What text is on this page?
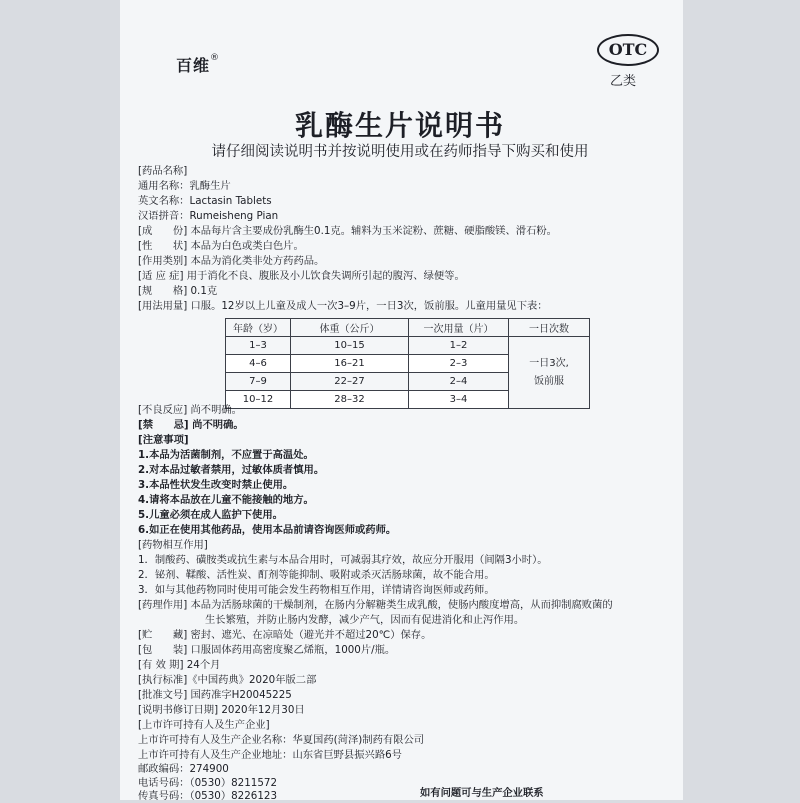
百维®	OTC
乙类
乳酶生片说明书
请仔细阅读说明书并按说明使用或在药师指导下购买和使用
[药品名称]
通用名称：乳酶生片
英文名称：Lactasin Tablets
汉语拼音：Rumeisheng Pian
[成　　份] 本品每片含主要成份乳酶生0.1克。辅料为玉米淀粉、蔗糖、硬脂酸镁、滑石粉。
[性　　状] 本品为白色或类白色片。
[作用类别] 本品为消化类非处方药药品。
[适 应 症] 用于消化不良、腹胀及小儿饮食失调所引起的腹泻、绿便等。
[规　　格] 0.1克
[用法用量] 口服。12岁以上儿童及成人一次3–9片，一日3次，饭前服。儿童用量见下表：
年龄（岁）	体重（公斤）	一次用量（片）	一日次数
1–3	10–15	1–2	一日3次,
饭前服

4–6	16–21	2–3	
7–9	22–27	2–4	
10–12	28–32	3–4	
[不良反应] 尚不明确。
[禁　　忌] 尚不明确。
[注意事项]
1.本品为活菌制剂，不应置于高温处。
2.对本品过敏者禁用，过敏体质者慎用。
3.本品性状发生改变时禁止使用。
4.请将本品放在儿童不能接触的地方。
5.儿童必须在成人监护下使用。
6.如正在使用其他药品，使用本品前请咨询医师或药师。
[药物相互作用]
1．制酸药、磺胺类或抗生素与本品合用时，可减弱其疗效，故应分开服用（间隔3小时）。
2．铋剂、鞣酸、活性炭、酊剂等能抑制、吸附或杀灭活肠球菌，故不能合用。
3．如与其他药物同时使用可能会发生药物相互作用，详情请咨询医师或药师。
[药理作用] 本品为活肠球菌的干燥制剂，在肠内分解糖类生成乳酸，使肠内酸度增高，从而抑制腐败菌的
生长繁殖，并防止肠内发酵，减少产气，因而有促进消化和止泻作用。
[贮　　藏] 密封、遮光、在凉暗处（避光并不超过20℃）保存。
[包　　装] 口服固体药用高密度聚乙烯瓶，1000片/瓶。
[有 效 期] 24个月
[执行标准]《中国药典》2020年版二部
[批准文号] 国药准字H20045225
[说明书修订日期] 2020年12月30日
[上市许可持有人及生产企业]
上市许可持有人及生产企业名称：华夏国药(菏泽)制药有限公司
上市许可持有人及生产企业地址：山东省巨野县振兴路6号
邮政编码：274900
电话号码：（0530）8211572
传真号码：（0530）8226123	如有问题可与生产企业联系
